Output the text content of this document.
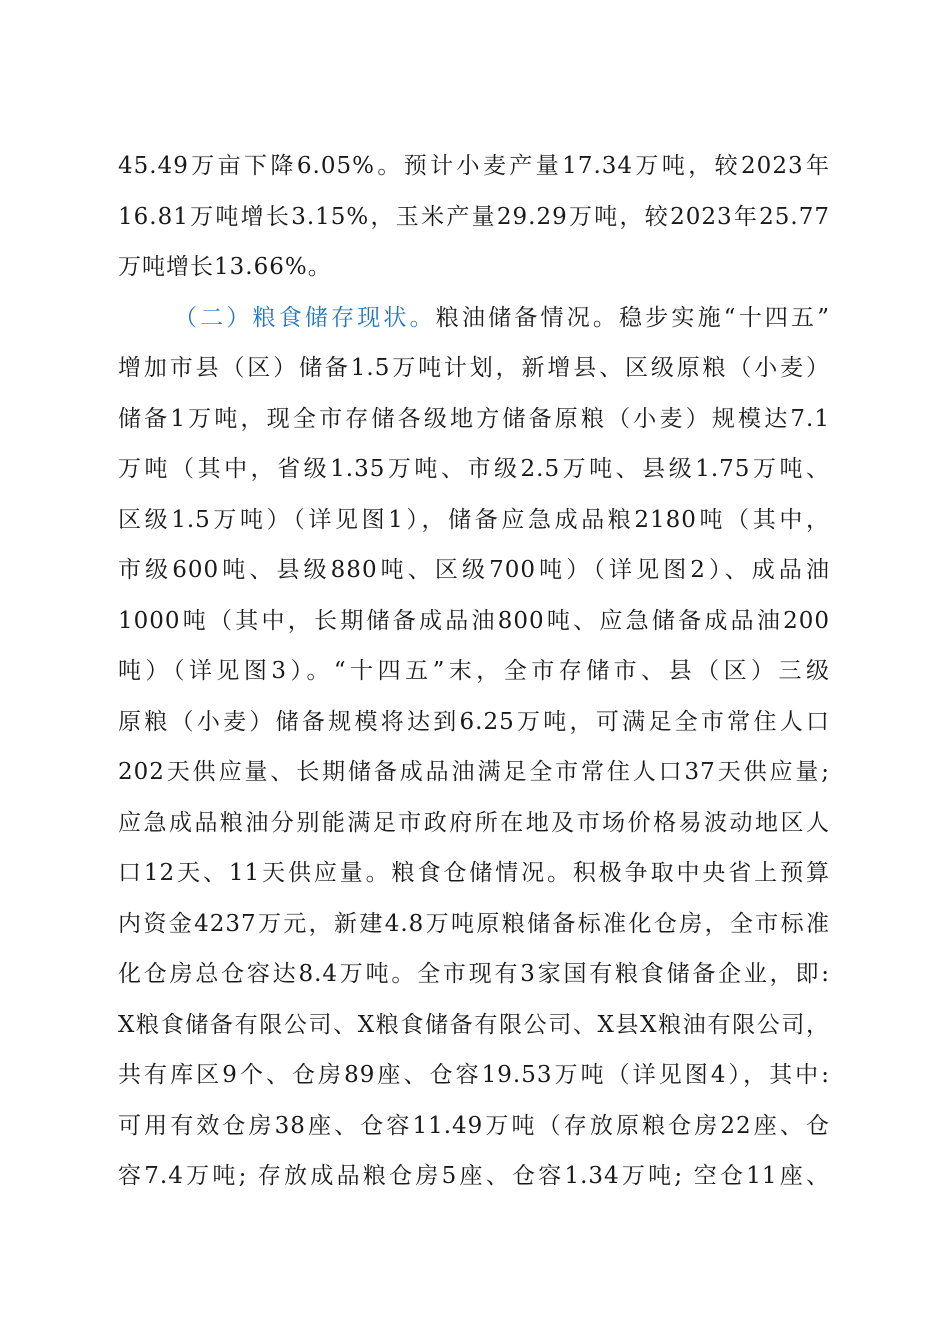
45.49万亩下降6.05%。预计小麦产量17.34万吨，较2023年
16.81万吨增长3.15%，玉米产量29.29万吨，较2023年25.77
万吨增长13.66%。
（二）粮食储存现状。粮油储备情况。稳步实施“十四五”
增加市县（区）储备1.5万吨计划，新增县、区级原粮（小麦）
储备1万吨，现全市存储各级地方储备原粮（小麦）规模达7.1
万吨（其中，省级1.35万吨、市级2.5万吨、县级1.75万吨、
区级1.5万吨）（详见图1），储备应急成品粮2180吨（其中，
市级600吨、县级880吨、区级700吨）（详见图2）、成品油
1000吨（其中，长期储备成品油800吨、应急储备成品油200
吨）（详见图3）。“十四五”末，全市存储市、县（区）三级
原粮（小麦）储备规模将达到6.25万吨，可满足全市常住人口
202天供应量、长期储备成品油满足全市常住人口37天供应量;
应急成品粮油分别能满足市政府所在地及市场价格易波动地区人
口12天、11天供应量。粮食仓储情况。积极争取中央省上预算
内资金4237万元，新建4.8万吨原粮储备标准化仓房，全市标准
化仓房总仓容达8.4万吨。全市现有3家国有粮食储备企业，即:
X粮食储备有限公司、X粮食储备有限公司、X县X粮油有限公司，
共有库区9个、仓房89座、仓容19.53万吨（详见图4），其中:
可用有效仓房38座、仓容11.49万吨（存放原粮仓房22座、仓
容7.4万吨; 存放成品粮仓房5座、仓容1.34万吨; 空仓11座、
